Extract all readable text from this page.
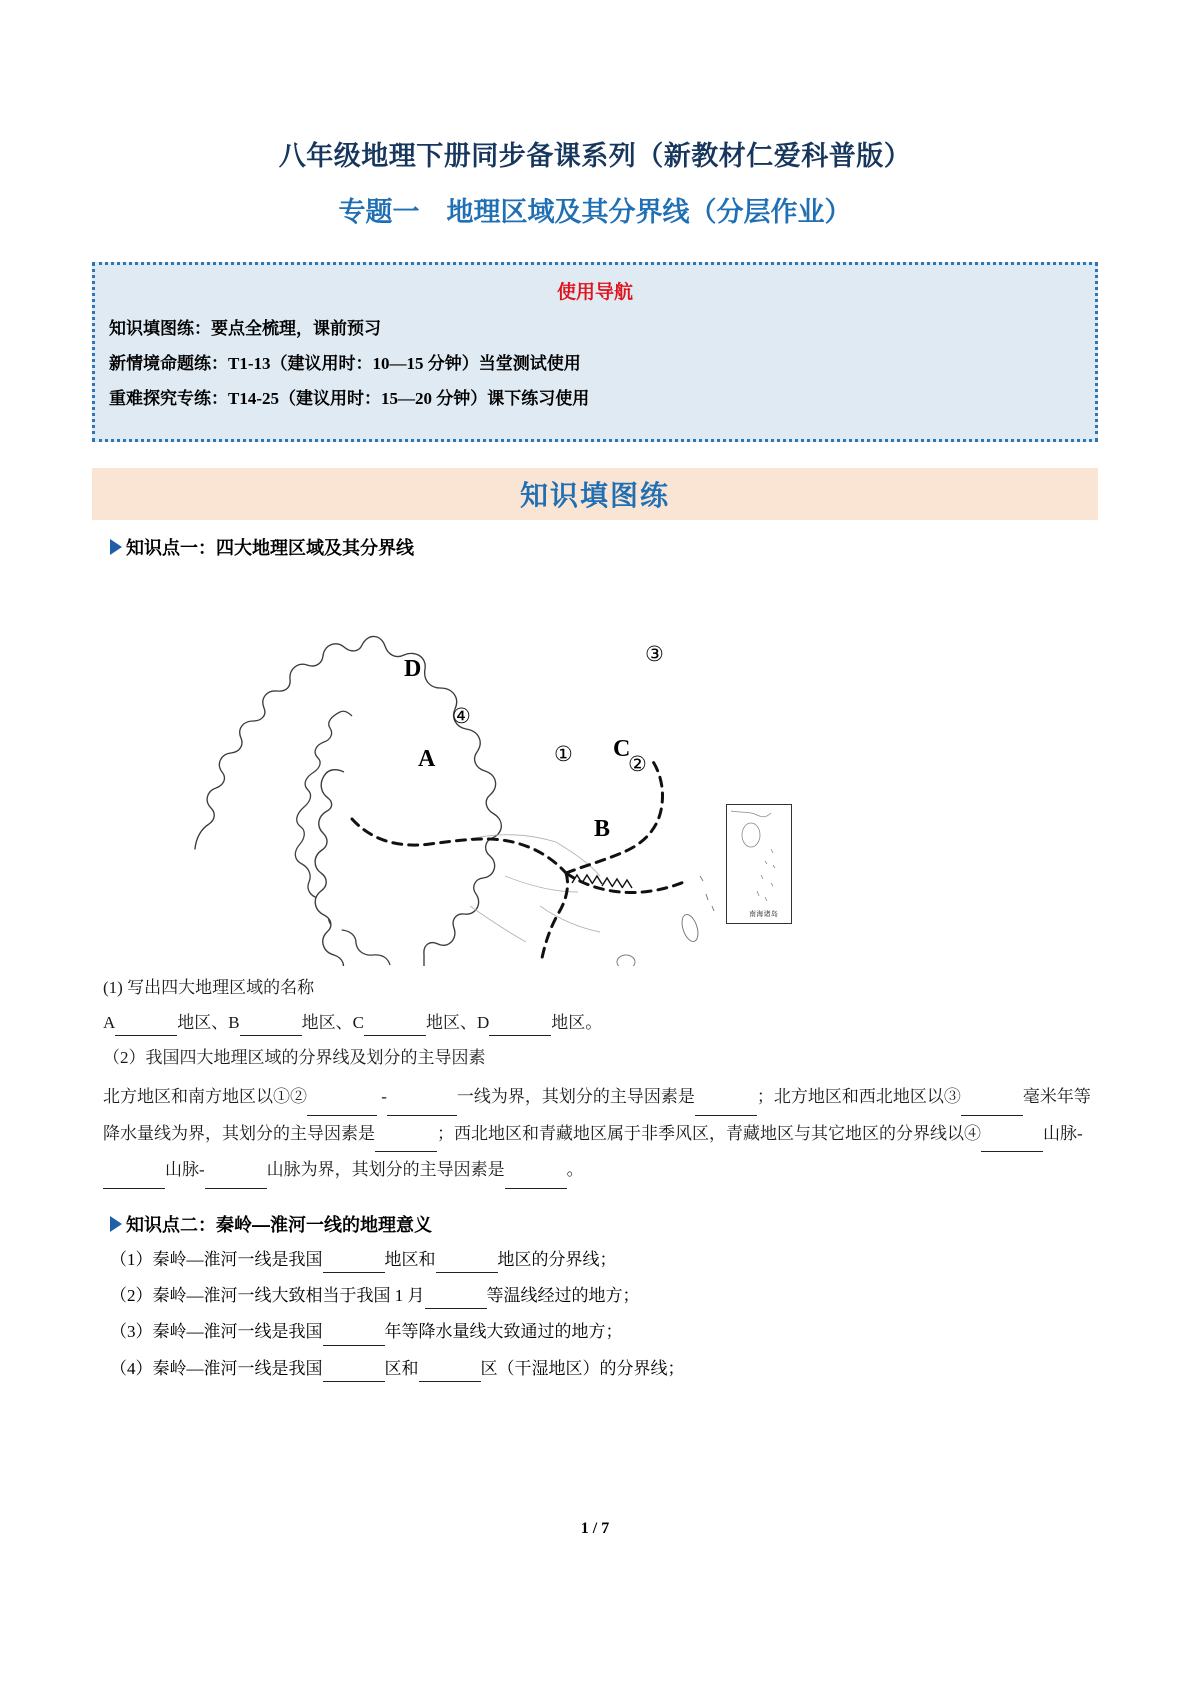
八年级地理下册同步备课系列（新教材仁爱科普版）
专题一　地理区域及其分界线（分层作业）
使用导航
知识填图练：要点全梳理，课前预习
新情境命题练：T1-13（建议用时：10—15 分钟）当堂测试使用
重难探究专练：T14-25（建议用时：15—20 分钟）课下练习使用
知识填图练
知识点一：四大地理区域及其分界线
D
A
B
C
①	②
③
④
南海诸岛
(1) 写出四大地理区域的名称
A	地区、B	地区、C	地区、D	地区。
（2）我国四大地理区域的分界线及划分的主导因素
北方地区和南方地区以①②	-	一线为界，其划分的主导因素是	；北方地区和西北地区以③	毫米年等降水量线为界，其划分的主导因素是	；西北地区和青藏地区属于非季风区，青藏地区与其它地区的分界线以④	山脉-山脉-	山脉为界，其划分的主导因素是	。
知识点二：秦岭—淮河一线的地理意义
（1）秦岭—淮河一线是我国	地区和	地区的分界线；
（2）秦岭—淮河一线大致相当于我国 1 月	等温线经过的地方；
（3）秦岭—淮河一线是我国	年等降水量线大致通过的地方；
（4）秦岭—淮河一线是我国	区和	区（干湿地区）的分界线；
1 / 7
